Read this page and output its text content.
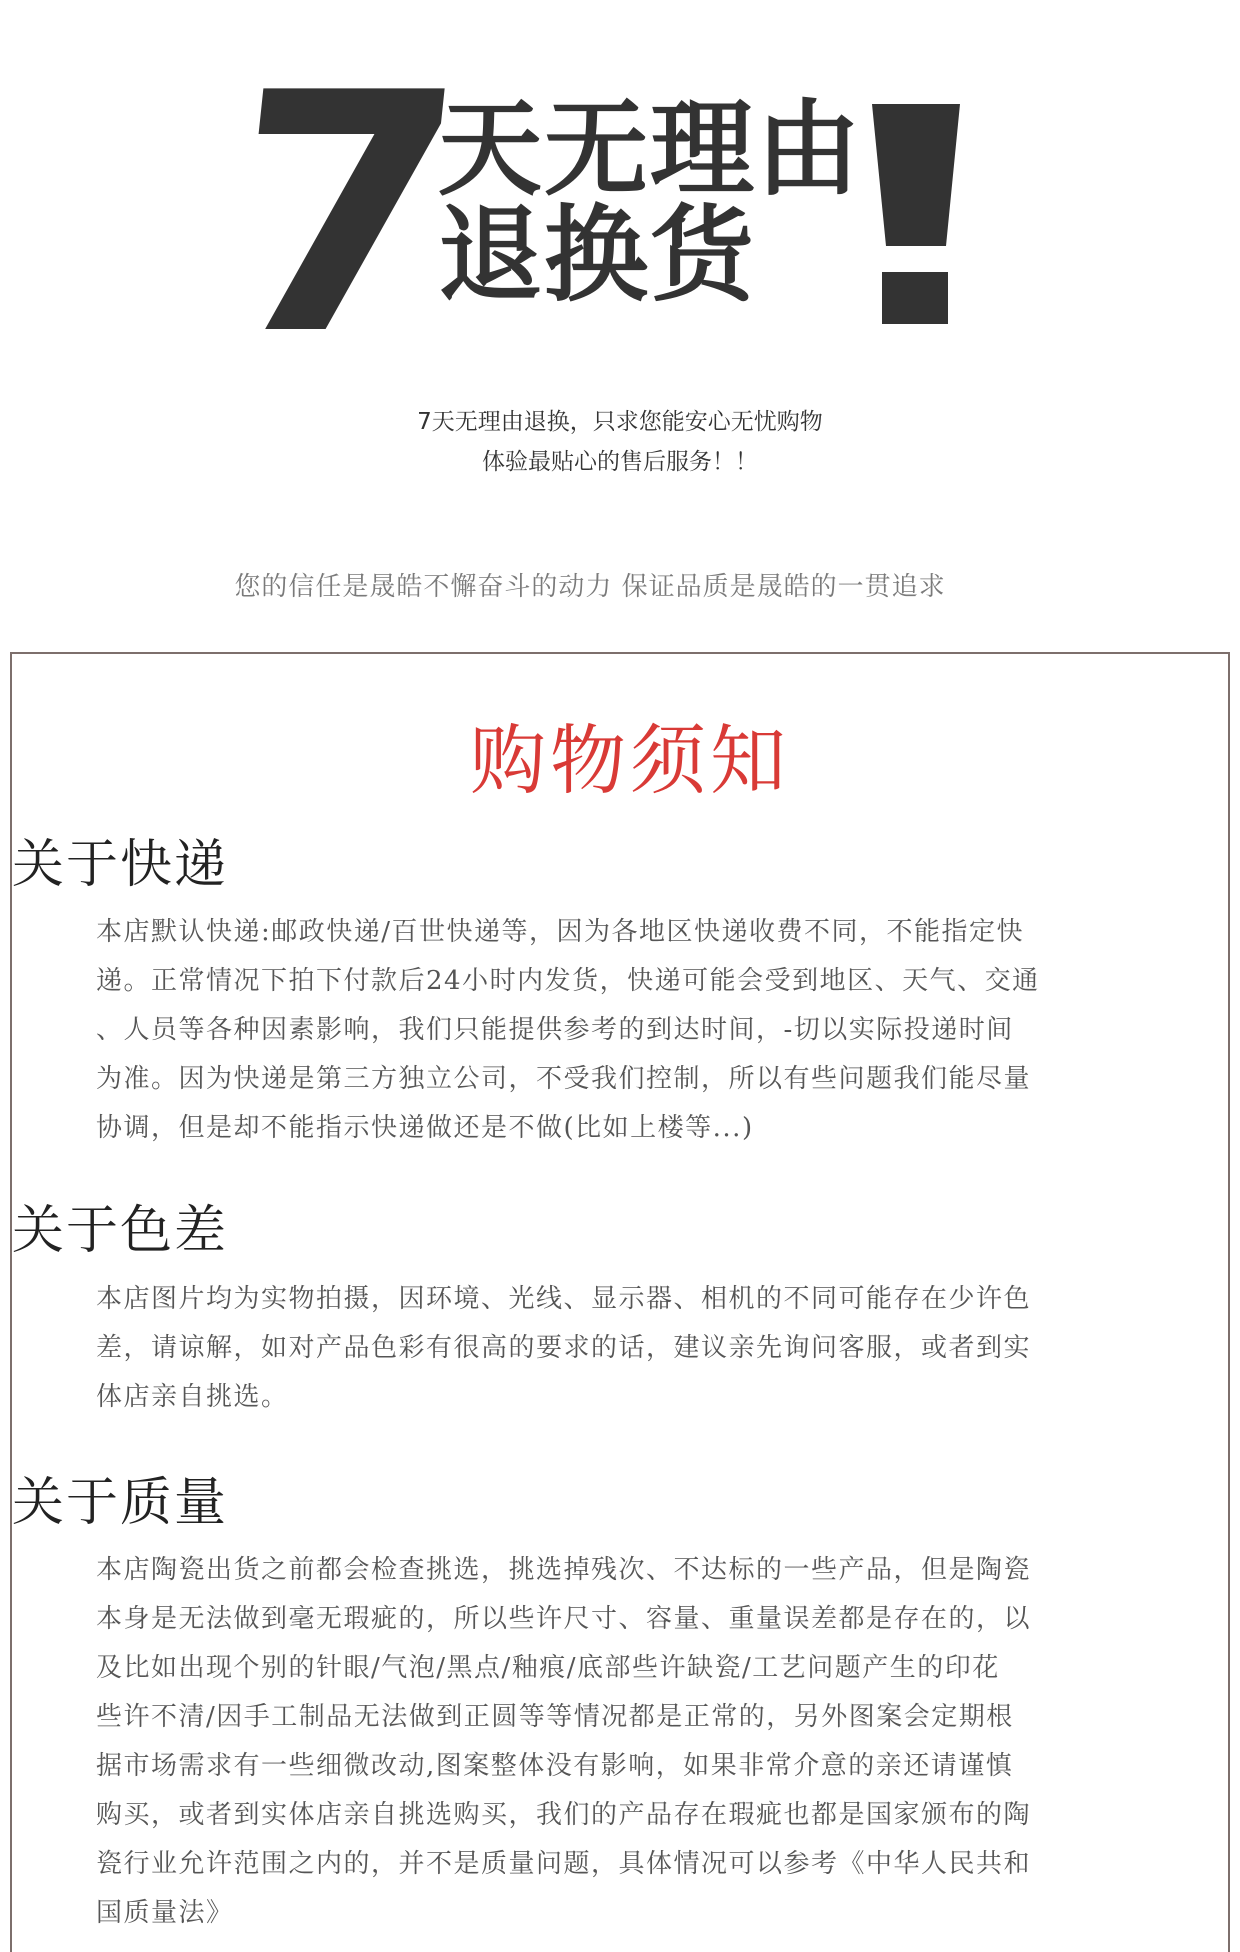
7
天无理由
退换货
7天无理由退换，只求您能安心无忧购物
体验最贴心的售后服务！！
您的信任是晟皓不懈奋斗的动力 保证品质是晟皓的一贯追求
购物须知
关于快递
本店默认快递:邮政快递/百世快递等，因为各地区快递收费不同，不能指定快
递。正常情况下拍下付款后24小时内发货，快递可能会受到地区、天气、交通
、人员等各种因素影响，我们只能提供参考的到达时间，-切以实际投递时间
为准。因为快递是第三方独立公司，不受我们控制，所以有些问题我们能尽量
协调，但是却不能指示快递做还是不做(比如上楼等...)
关于色差
本店图片均为实物拍摄，因环境、光线、显示器、相机的不同可能存在少许色
差，请谅解，如对产品色彩有很高的要求的话，建议亲先询问客服，或者到实
体店亲自挑选。
关于质量
本店陶瓷出货之前都会检查挑选，挑选掉残次、不达标的一些产品，但是陶瓷
本身是无法做到毫无瑕疵的，所以些许尺寸、容量、重量误差都是存在的，以
及比如出现个别的针眼/气泡/黑点/釉痕/底部些许缺瓷/工艺问题产生的印花
些许不清/因手工制品无法做到正圆等等情况都是正常的，另外图案会定期根
据市场需求有一些细微改动,图案整体没有影响，如果非常介意的亲还请谨慎
购买，或者到实体店亲自挑选购买，我们的产品存在瑕疵也都是国家颁布的陶
瓷行业允许范围之内的，并不是质量问题，具体情况可以参考《中华人民共和
国质量法》
